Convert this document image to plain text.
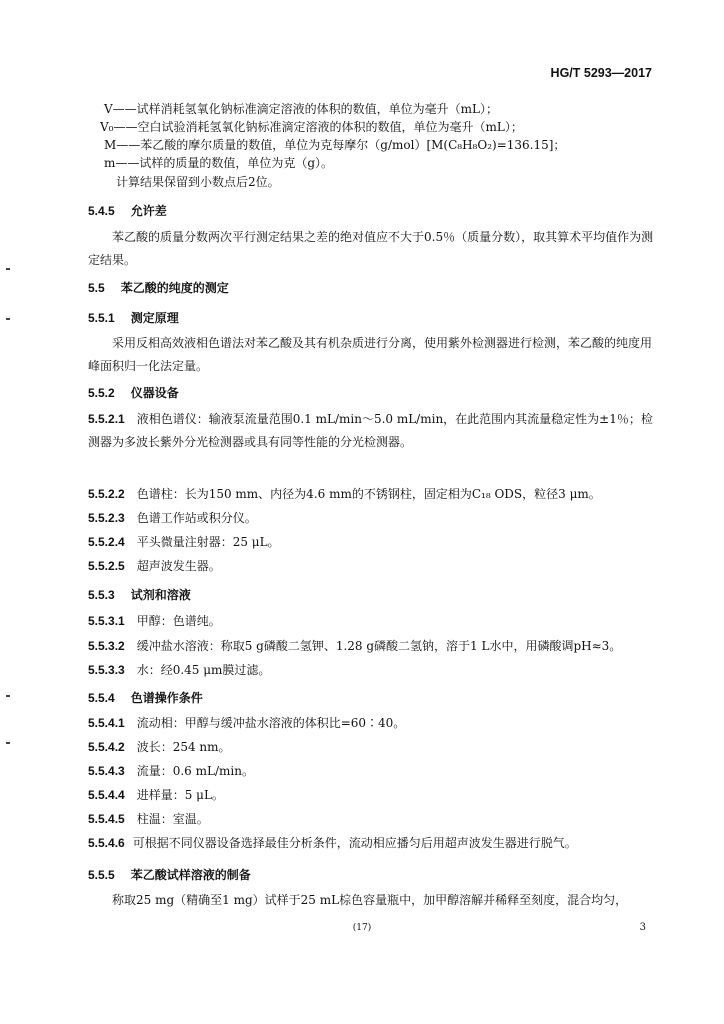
HG/T 5293—2017
V——试样消耗氢氧化钠标准滴定溶液的体积的数值，单位为毫升（mL）；
V₀——空白试验消耗氢氧化钠标准滴定溶液的体积的数值，单位为毫升（mL）；
M——苯乙酸的摩尔质量的数值，单位为克每摩尔（g/mol）[M(C₈H₈O₂)=136.15]；
m——试样的质量的数值，单位为克（g）。
计算结果保留到小数点后2位。
5.4.5 允许差
苯乙酸的质量分数两次平行测定结果之差的绝对值应不大于0.5％（质量分数），取其算术平均值作为测定结果。
5.5 苯乙酸的纯度的测定
5.5.1 测定原理
采用反相高效液相色谱法对苯乙酸及其有机杂质进行分离，使用紫外检测器进行检测，苯乙酸的纯度用峰面积归一化法定量。
5.5.2 仪器设备
5.5.2.1 液相色谱仪：输液泵流量范围0.1 mL/min～5.0 mL/min，在此范围内其流量稳定性为±1％；检测器为多波长紫外分光检测器或具有同等性能的分光检测器。
5.5.2.2 色谱柱：长为150 mm、内径为4.6 mm的不锈钢柱，固定相为C₁₈ ODS，粒径3 μm。
5.5.2.3 色谱工作站或积分仪。
5.5.2.4 平头微量注射器：25 μL。
5.5.2.5 超声波发生器。
5.5.3 试剂和溶液
5.5.3.1 甲醇：色谱纯。
5.5.3.2 缓冲盐水溶液：称取5 g磷酸二氢钾、1.28 g磷酸二氢钠，溶于1 L水中，用磷酸调pH≈3。
5.5.3.3 水：经0.45 μm膜过滤。
5.5.4 色谱操作条件
5.5.4.1 流动相：甲醇与缓冲盐水溶液的体积比=60∶40。
5.5.4.2 波长：254 nm。
5.5.4.3 流量：0.6 mL/min。
5.5.4.4 进样量：5 μL。
5.5.4.5 柱温：室温。
5.5.4.6 可根据不同仪器设备选择最佳分析条件，流动相应播匀后用超声波发生器进行脱气。
5.5.5 苯乙酸试样溶液的制备
称取25 mg（精确至1 mg）试样于25 mL棕色容量瓶中，加甲醇溶解并稀释至刻度，混合均匀，
(17)	3
